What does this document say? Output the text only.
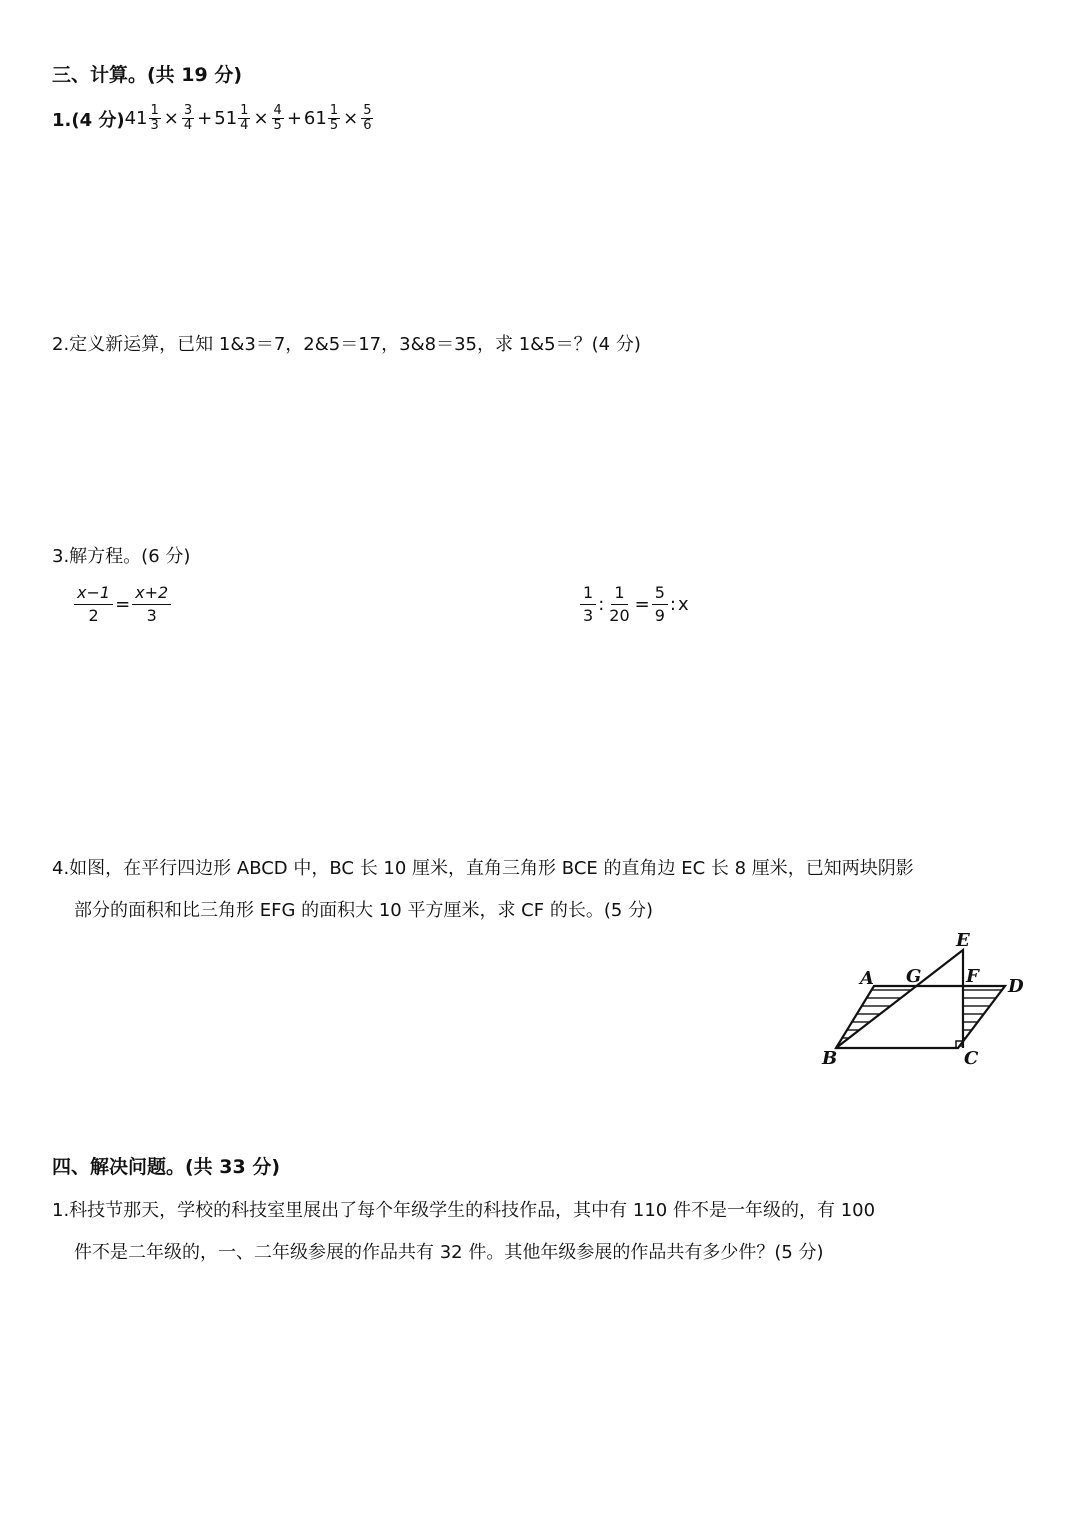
三、计算。(共 19 分)
1.(4 分) $41 \frac{1}{3} \times \frac{3}{4} + 51 \frac{1}{4} \times \frac{4}{5} + 61 \frac{1}{5} \times \frac{5}{6}$
2.定义新运算，已知 1&3＝7，2&5＝17，3&8＝35，求 1&5＝？(4 分)
3.解方程。(6 分)
$\frac{x-1}{2} = \frac{x+2}{3}$	$\frac{1}{3}$ : $\frac{1}{20} = \frac{5}{9}$ : x
4.如图，在平行四边形 ABCD 中，BC 长 10 厘米，直角三角形 BCE 的直角边 EC 长 8 厘米，已知两块阴影
部分的面积和比三角形 EFG 的面积大 10 平方厘米，求 CF 的长。(5 分)
E
A G F D
B	C
四、解决问题。(共 33 分)
1.科技节那天，学校的科技室里展出了每个年级学生的科技作品，其中有 110 件不是一年级的，有 100
件不是二年级的，一、二年级参展的作品共有 32 件。其他年级参展的作品共有多少件？(5 分)
